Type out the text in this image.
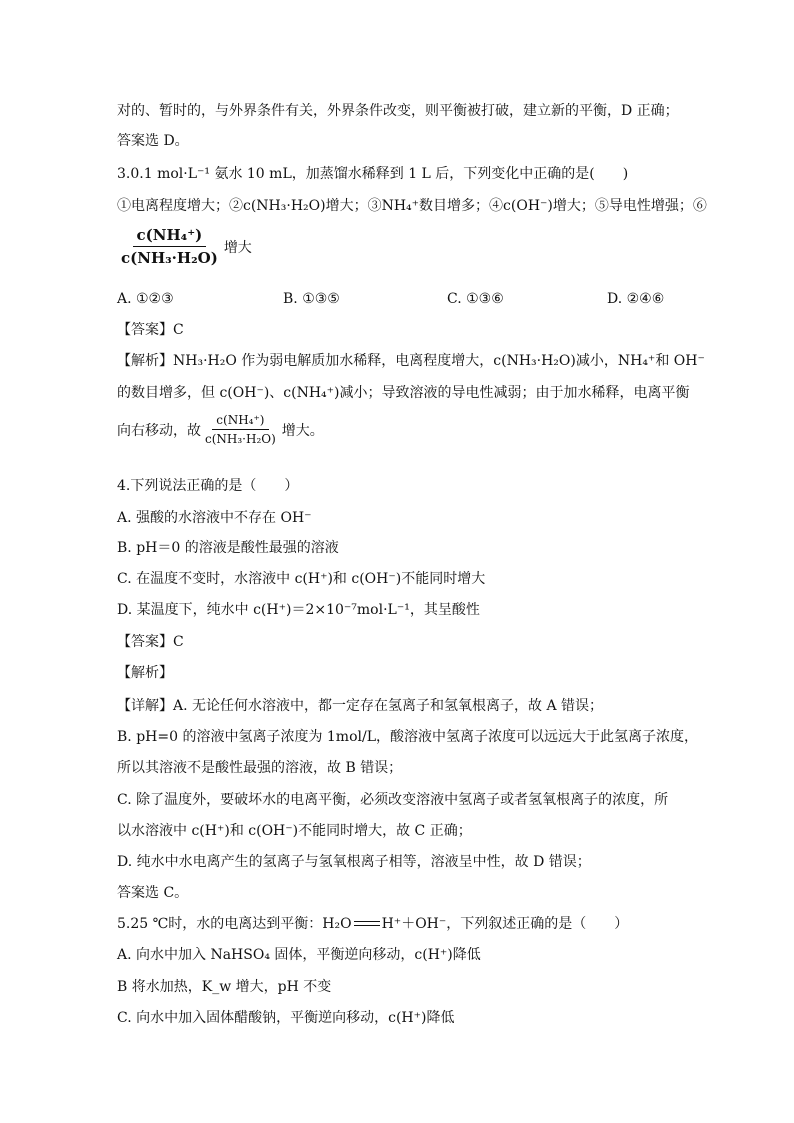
对的、暂时的，与外界条件有关，外界条件改变，则平衡被打破，建立新的平衡，D 正确；
答案选 D。
3.0.1 mol·L⁻¹ 氨水 10 mL，加蒸馏水稀释到 1 L 后，下列变化中正确的是(　　)
①电离程度增大；②c(NH₃·H₂O)增大；③NH₄⁺数目增多；④c(OH⁻)增大；⑤导电性增强；⑥
$\frac{\text{c(NH₄⁺)}}{\text{c(NH₃·H₂O)}}$ 增大
A. ①②③	B. ①③⑤	C. ①③⑥	D. ②④⑥
【答案】C
【解析】NH₃·H₂O 作为弱电解质加水稀释，电离程度增大，c(NH₃·H₂O)减小，NH₄⁺和 OH⁻
的数目增多，但 c(OH⁻)、c(NH₄⁺)减小；导致溶液的导电性减弱；由于加水稀释，电离平衡
向右移动，故 $\frac{\text{c(NH₄⁺)}}{\text{c(NH₃·H₂O)}}$ 增大。
4.下列说法正确的是（　　）
A. 强酸的水溶液中不存在 OH⁻
B. pH＝0 的溶液是酸性最强的溶液
C. 在温度不变时，水溶液中 c(H⁺)和 c(OH⁻)不能同时增大
D. 某温度下，纯水中 c(H⁺)＝2×10⁻⁷mol·L⁻¹，其呈酸性
【答案】C
【解析】
【详解】A. 无论任何水溶液中，都一定存在氢离子和氢氧根离子，故 A 错误；
B. pH=0 的溶液中氢离子浓度为 1mol/L，酸溶液中氢离子浓度可以远远大于此氢离子浓度，
所以其溶液不是酸性最强的溶液，故 B 错误；
C. 除了温度外，要破坏水的电离平衡，必须改变溶液中氢离子或者氢氧根离子的浓度，所
以水溶液中 c(H⁺)和 c(OH⁻)不能同时增大，故 C 正确；
D. 纯水中水电离产生的氢离子与氢氧根离子相等，溶液呈中性，故 D 错误；
答案选 C。
5.25 ℃时，水的电离达到平衡：H₂O H⁺＋OH⁻，下列叙述正确的是（　　）
A. 向水中加入 NaHSO₄ 固体，平衡逆向移动，c(H⁺)降低
B 将水加热，K_w 增大，pH 不变
C. 向水中加入固体醋酸钠，平衡逆向移动，c(H⁺)降低
